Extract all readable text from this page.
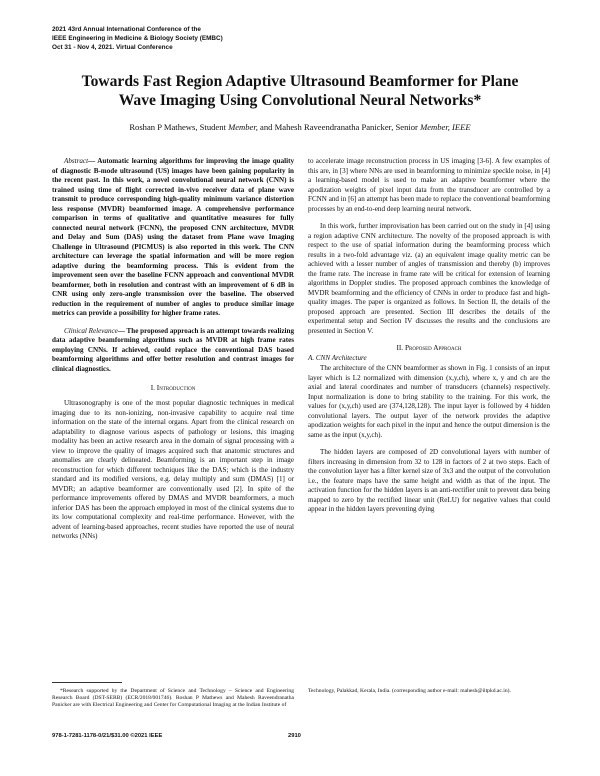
2021 43rd Annual International Conference of the
IEEE Engineering in Medicine & Biology Society (EMBC)
Oct 31 - Nov 4, 2021. Virtual Conference
Towards Fast Region Adaptive Ultrasound Beamformer for Plane
Wave Imaging Using Convolutional Neural Networks*
Roshan P Mathews, Student Member, and Mahesh Raveendranatha Panicker, Senior Member, IEEE

Abstract— Automatic learning algorithms for improving the image quality of diagnostic B-mode ultrasound (US) images have been gaining popularity in the recent past. In this work, a novel convolutional neural network (CNN) is trained using time of flight corrected in-vivo receiver data of plane wave transmit to produce corresponding high-quality minimum variance distortion less response (MVDR) beamformed image. A comprehensive performance comparison in terms of qualitative and quantitative measures for fully connected neural network (FCNN), the proposed CNN architecture, MVDR and Delay and Sum (DAS) using the dataset from Plane wave Imaging Challenge in Ultrasound (PICMUS) is also reported in this work. The CNN architecture can leverage the spatial information and will be more region adaptive during the beamforming process. This is evident from the improvement seen over the baseline FCNN approach and conventional MVDR beamformer, both in resolution and contrast with an improvement of 6 dB in CNR using only zero-angle transmission over the baseline. The observed reduction in the requirement of number of angles to produce similar image metrics can provide a possibility for higher frame rates.

Clinical Relevance— The proposed approach is an attempt towards realizing data adaptive beamforming algorithms such as MVDR at high frame rates employing CNNs. If achieved, could replace the conventional DAS based beamforming algorithms and offer better resolution and contrast images for clinical diagnostics.

I. Introduction

Ultrasonography is one of the most popular diagnostic techniques in medical imaging due to its non-ionizing, non-invasive capability to acquire real time information on the state of the internal organs. Apart from the clinical research on adaptability to diagnose various aspects of pathology or lesions, this imaging modality has been an active research area in the domain of signal processing with a view to improve the quality of images acquired such that anatomic structures and anomalies are clearly delineated. Beamforming is an important step in image reconstruction for which different techniques like the DAS; which is the industry standard and its modified versions, e.g. delay multiply and sum (DMAS) [1] or MVDR; an adaptive beamformer are conventionally used [2]. In spite of the performance improvements offered by DMAS and MVDR beamformers, a much inferior DAS has been the approach employed in most of the clinical systems due to its low computational complexity and real-time performance. However, with the advent of learning-based approaches, recent studies have reported the use of neural networks (NNs)

to accelerate image reconstruction process in US imaging [3-6]. A few examples of this are, in [3] where NNs are used in beamforming to minimize speckle noise, in [4] a learning-based model is used to make an adaptive beamformer where the apodization weights of pixel input data from the transducer are controlled by a FCNN and in [6] an attempt has been made to replace the conventional beamforming processes by an end-to-end deep learning neural network.

In this work, further improvisation has been carried out on the study in [4] using a region adaptive CNN architecture. The novelty of the proposed approach is with respect to the use of spatial information during the beamforming process which results in a two-fold advantage viz. (a) an equivalent image quality metric can be achieved with a lesser number of angles of transmission and thereby (b) improves the frame rate. The increase in frame rate will be critical for extension of learning algorithms in Doppler studies. The proposed approach combines the knowledge of MVDR beamforming and the efficiency of CNNs in order to produce fast and high-quality images. The paper is organized as follows. In Section II, the details of the proposed approach are presented. Section III describes the details of the experimental setup and Section IV discusses the results and the conclusions are presented in Section V.

II. Proposed Approach

A. CNN Architecture

The architecture of the CNN beamformer as shown in Fig. 1 consists of an input layer which is L2 normalized with dimension (x,y,ch), where x, y and ch are the axial and lateral coordinates and number of transducers (channels) respectively. Input normalization is done to bring stability to the training. For this work, the values for (x,y,ch) used are (374,128,128). The input layer is followed by 4 hidden convolutional layers. The output layer of the network provides the adaptive apodization weights for each pixel in the input and hence the output dimension is the same as the input (x,y,ch).

The hidden layers are composed of 2D convolutional layers with number of filters increasing in dimension from 32 to 128 in factors of 2 at two steps. Each of the convolution layer has a filter kernel size of 3x3 and the output of the convolution i.e., the feature maps have the same height and width as that of the input. The activation function for the hidden layers is an anti-rectifier unit to prevent data being mapped to zero by the rectified linear unit (ReLU) for negative values that could appear in the hidden layers preventing dying

*Research supported by the Department of Science and Technology – Science and Engineering Research Board (DST-SERB) (ECR/2018/001746). Roshan P Mathews and Mahesh Raveendranatha Panicker are with Electrical Engineering and Center for Computational Imaging at the Indian Institute of
Technology, Palakkad, Kerala, India. (corresponding author e-mail: mahesh@iitpkd.ac.in).
978-1-7281-1178-0/21/$31.00 ©2021 IEEE	2910
